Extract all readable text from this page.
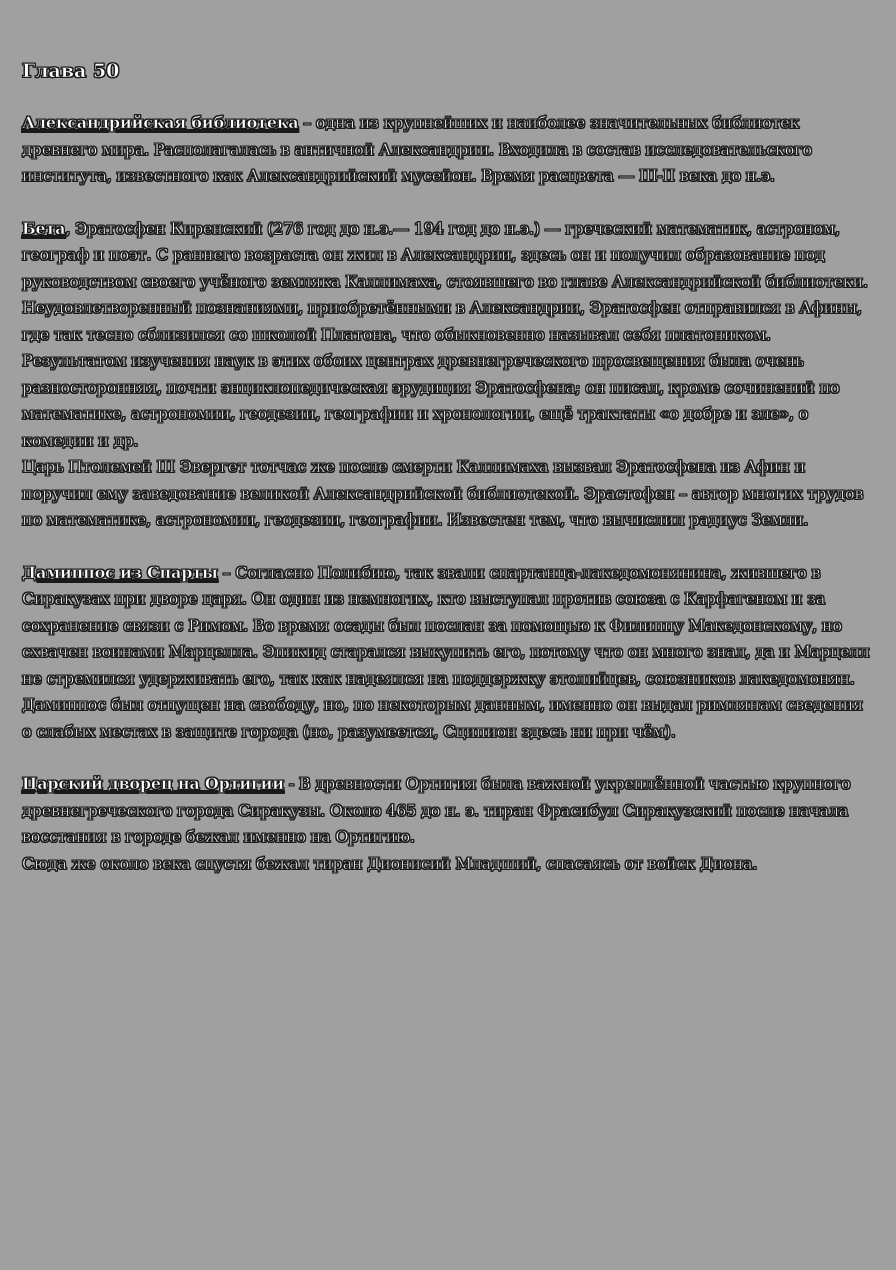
Глава 50

Александрийская библиотека – одна из крупнейших и наиболее значительных библиотек древнего мира. Располагалась в античной Александрии. Входила в состав исследовательского института, известного как Александрийский мусейон. Время расцвета — III-II века до н.э.

Бета, Эратосфен Киренский (276 год до н.э.— 194 год до н.э.) — греческий математик, астроном, географ и поэт. С раннего возраста он жил в Александрии, здесь он и получил образование под руководством своего учёного земляка Каллимаха, стоявшего во главе Александрийской библиотеки.

Неудовлетворенный познаниями, приобретёнными в Александрии, Эратосфен отправился в Афины, где так тесно сблизился со школой Платона, что обыкновенно называл себя платоником. Результатом изучения наук в этих обоих центрах древнегреческого просвещения была очень разносторонняя, почти энциклопедическая эрудиция Эратосфена; он писал, кроме сочинений по математике, астрономии, геодезии, географии и хронологии, ещё трактаты «о добре и зле», о комедии и др.

Царь Птолемей III Эвергет тотчас же после смерти Каллимаха вызвал Эратосфена из Афин и поручил ему заведование великой Александрийской библиотекой. Эрастофен – автор многих трудов по математике, астрономии, геодезии, географии. Известен тем, что вычислил радиус Земли.

Дамиппос из Спарты – Согласно Полибию, так звали спартанца-лакедомонянина, жившего в Сиракузах при дворе царя. Он один из немногих, кто выступал против союза с Карфагеном и за сохранение связи с Римом. Во время осады был послан за помощью к Филиппу Македонскому, но схвачен воинами Марцелла. Эпикид старался выкупить его, потому что он много знал, да и Марцелл не стремился удерживать его, так как надеялся на поддержку этолийцев, союзников лакедомонян. Дамиппос был отпущен на свободу, но, по некоторым данным, именно он выдал римлянам сведения о слабых местах в защите города (но, разумеется, Сципион здесь ни при чём).

Царский дворец на Ортигии - В древности Ортигия была важной укреплённой частью крупного древнегреческого города Сиракузы. Около 465 до н. э. тиран Фрасибул Сиракузский после начала восстания в городе бежал именно на Ортигию.

Сюда же около века спустя бежал тиран Дионисий Младший, спасаясь от войск Диона.
